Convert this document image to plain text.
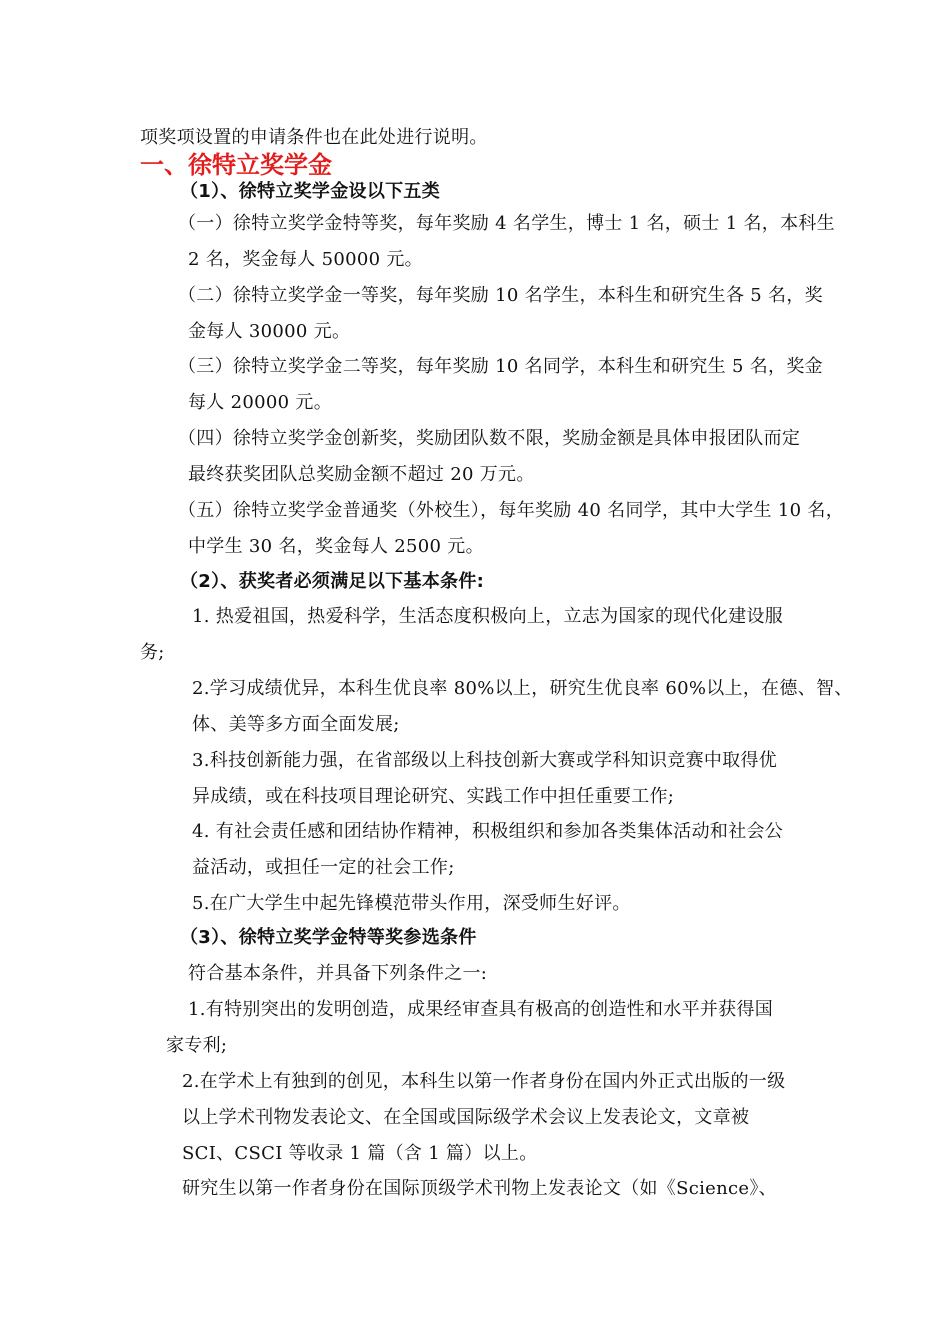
项奖项设置的申请条件也在此处进行说明。
一、徐特立奖学金
（1）、徐特立奖学金设以下五类
（一）徐特立奖学金特等奖，每年奖励 4 名学生，博士 1 名，硕士 1 名，本科生
2 名，奖金每人 50000 元。
（二）徐特立奖学金一等奖，每年奖励 10 名学生，本科生和研究生各 5 名，奖
金每人 30000 元。
（三）徐特立奖学金二等奖，每年奖励 10 名同学，本科生和研究生 5 名，奖金
每人 20000 元。
（四）徐特立奖学金创新奖，奖励团队数不限，奖励金额是具体申报团队而定
最终获奖团队总奖励金额不超过 20 万元。
（五）徐特立奖学金普通奖（外校生），每年奖励 40 名同学，其中大学生 10 名，
中学生 30 名，奖金每人 2500 元。
（2）、获奖者必须满足以下基本条件:
1. 热爱祖国，热爱科学，生活态度积极向上，立志为国家的现代化建设服
务;
2.学习成绩优异，本科生优良率 80%以上，研究生优良率 60%以上，在德、智、
体、美等多方面全面发展;
3.科技创新能力强，在省部级以上科技创新大赛或学科知识竞赛中取得优
异成绩，或在科技项目理论研究、实践工作中担任重要工作;
4. 有社会责任感和团结协作精神，积极组织和参加各类集体活动和社会公
益活动，或担任一定的社会工作;
5.在广大学生中起先锋模范带头作用，深受师生好评。
（3）、徐特立奖学金特等奖参选条件
符合基本条件，并具备下列条件之一:
1.有特别突出的发明创造，成果经审查具有极高的创造性和水平并获得国
家专利;
2.在学术上有独到的创见，本科生以第一作者身份在国内外正式出版的一级
以上学术刊物发表论文、在全国或国际级学术会议上发表论文，文章被
SCI、CSCI 等收录 1 篇（含 1 篇）以上。
研究生以第一作者身份在国际顶级学术刊物上发表论文（如《Science》、
